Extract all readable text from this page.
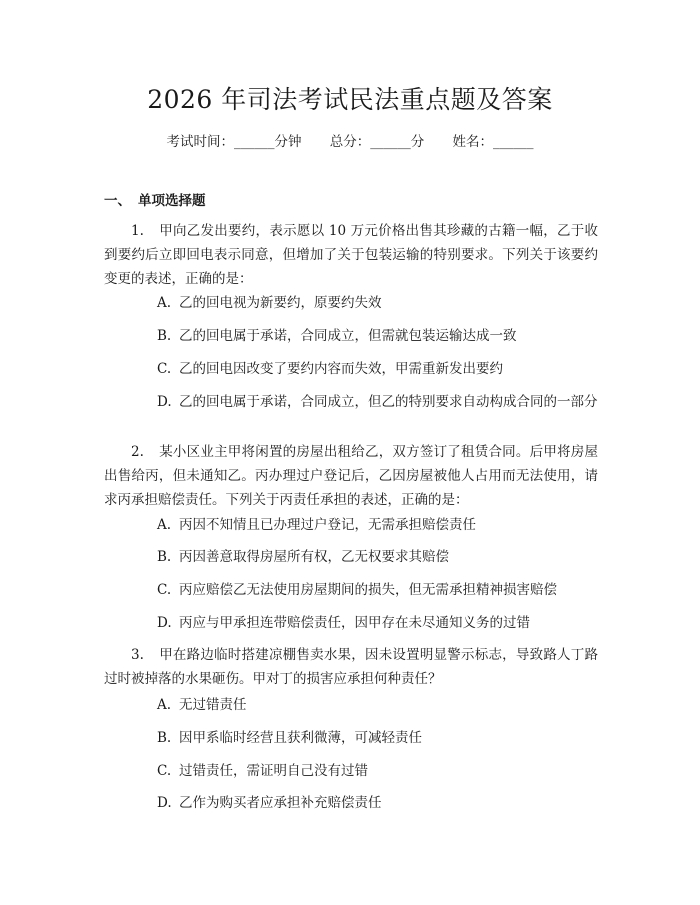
2026 年司法考试民法重点题及答案
考试时间：______分钟 总分：______分 姓名：______
一、 单项选择题
1. 甲向乙发出要约，表示愿以 10 万元价格出售其珍藏的古籍一幅，乙于收到要约后立即回电表示同意，但增加了关于包装运输的特别要求。下列关于该要约变更的表述，正确的是：
A. 乙的回电视为新要约，原要约失效
B. 乙的回电属于承诺，合同成立，但需就包装运输达成一致
C. 乙的回电因改变了要约内容而失效，甲需重新发出要约
D. 乙的回电属于承诺，合同成立，但乙的特别要求自动构成合同的一部分
2. 某小区业主甲将闲置的房屋出租给乙，双方签订了租赁合同。后甲将房屋出售给丙，但未通知乙。丙办理过户登记后，乙因房屋被他人占用而无法使用，请求丙承担赔偿责任。下列关于丙责任承担的表述，正确的是：
A. 丙因不知情且已办理过户登记，无需承担赔偿责任
B. 丙因善意取得房屋所有权，乙无权要求其赔偿
C. 丙应赔偿乙无法使用房屋期间的损失，但无需承担精神损害赔偿
D. 丙应与甲承担连带赔偿责任，因甲存在未尽通知义务的过错
3. 甲在路边临时搭建凉棚售卖水果，因未设置明显警示标志，导致路人丁路过时被掉落的水果砸伤。甲对丁的损害应承担何种责任？
A. 无过错责任
B. 因甲系临时经营且获利微薄，可减轻责任
C. 过错责任，需证明自己没有过错
D. 乙作为购买者应承担补充赔偿责任
